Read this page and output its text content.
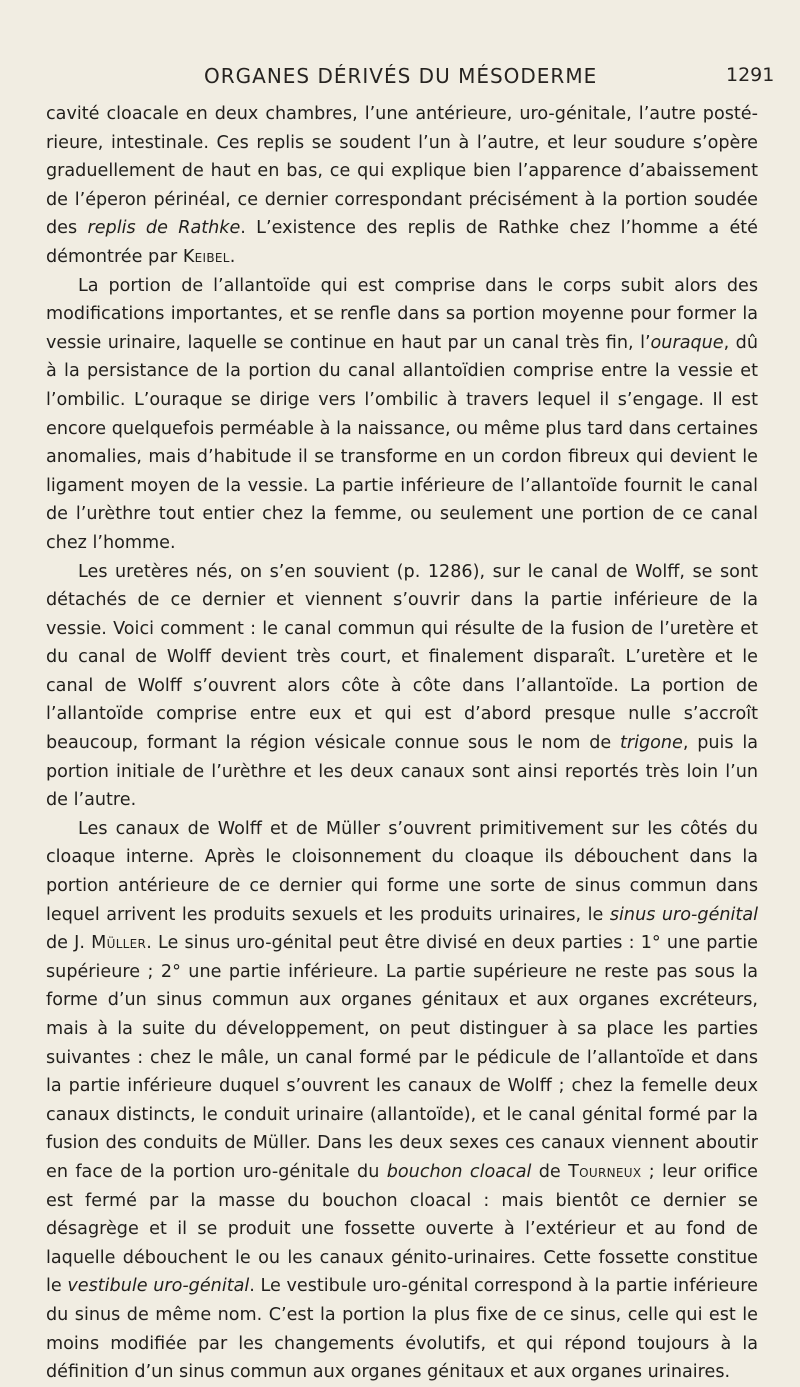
ORGANES DÉRIVÉS DU MÉSODERME	1291

cavité cloacale en deux chambres, l’une antérieure, uro-génitale, l’autre postérieure, intestinale. Ces replis se soudent l’un à l’autre, et leur soudure s’opère graduellement de haut en bas, ce qui explique bien l’apparence d’abaissement de l’éperon périnéal, ce dernier correspondant précisément à la portion soudée des replis de Rathke. L’existence des replis de Rathke chez l’homme a été démontrée par Keibel.

La portion de l’allantoïde qui est comprise dans le corps subit alors des modifications importantes, et se renfle dans sa portion moyenne pour former la vessie urinaire, laquelle se continue en haut par un canal très fin, l’ouraque, dû à la persistance de la portion du canal allantoïdien comprise entre la vessie et l’ombilic. L’ouraque se dirige vers l’ombilic à travers lequel il s’engage. Il est encore quelquefois perméable à la naissance, ou même plus tard dans certaines anomalies, mais d’habitude il se transforme en un cordon fibreux qui devient le ligament moyen de la vessie. La partie inférieure de l’allantoïde fournit le canal de l’urèthre tout entier chez la femme, ou seulement une portion de ce canal chez l’homme.

Les uretères nés, on s’en souvient (p. 1286), sur le canal de Wolff, se sont détachés de ce dernier et viennent s’ouvrir dans la partie inférieure de la vessie. Voici comment : le canal commun qui résulte de la fusion de l’uretère et du canal de Wolff devient très court, et finalement disparaît. L’uretère et le canal de Wolff s’ouvrent alors côte à côte dans l’allantoïde. La portion de l’allantoïde comprise entre eux et qui est d’abord presque nulle s’accroît beaucoup, formant la région vésicale connue sous le nom de trigone, puis la portion initiale de l’urèthre et les deux canaux sont ainsi reportés très loin l’un de l’autre.

Les canaux de Wolff et de Müller s’ouvrent primitivement sur les côtés du cloaque interne. Après le cloisonnement du cloaque ils débouchent dans la portion antérieure de ce dernier qui forme une sorte de sinus commun dans lequel arrivent les produits sexuels et les produits urinaires, le sinus uro-génital de J. Müller. Le sinus uro-génital peut être divisé en deux parties : 1° une partie supérieure ; 2° une partie inférieure. La partie supérieure ne reste pas sous la forme d’un sinus commun aux organes génitaux et aux organes excréteurs, mais à la suite du développement, on peut distinguer à sa place les parties suivantes : chez le mâle, un canal formé par le pédicule de l’allantoïde et dans la partie inférieure duquel s’ouvrent les canaux de Wolff ; chez la femelle deux canaux distincts, le conduit urinaire (allantoïde), et le canal génital formé par la fusion des conduits de Müller. Dans les deux sexes ces canaux viennent aboutir en face de la portion uro-génitale du bouchon cloacal de Tourneux ; leur orifice est fermé par la masse du bouchon cloacal : mais bientôt ce dernier se désagrège et il se produit une fossette ouverte à l’extérieur et au fond de laquelle débouchent le ou les canaux génito-urinaires. Cette fossette constitue le vestibule uro-génital. Le vestibule uro-génital correspond à la partie inférieure du sinus de même nom. C’est la portion la plus fixe de ce sinus, celle qui est le moins modifiée par les changements évolutifs, et qui répond toujours à la définition d’un sinus commun aux organes génitaux et aux organes urinaires.
